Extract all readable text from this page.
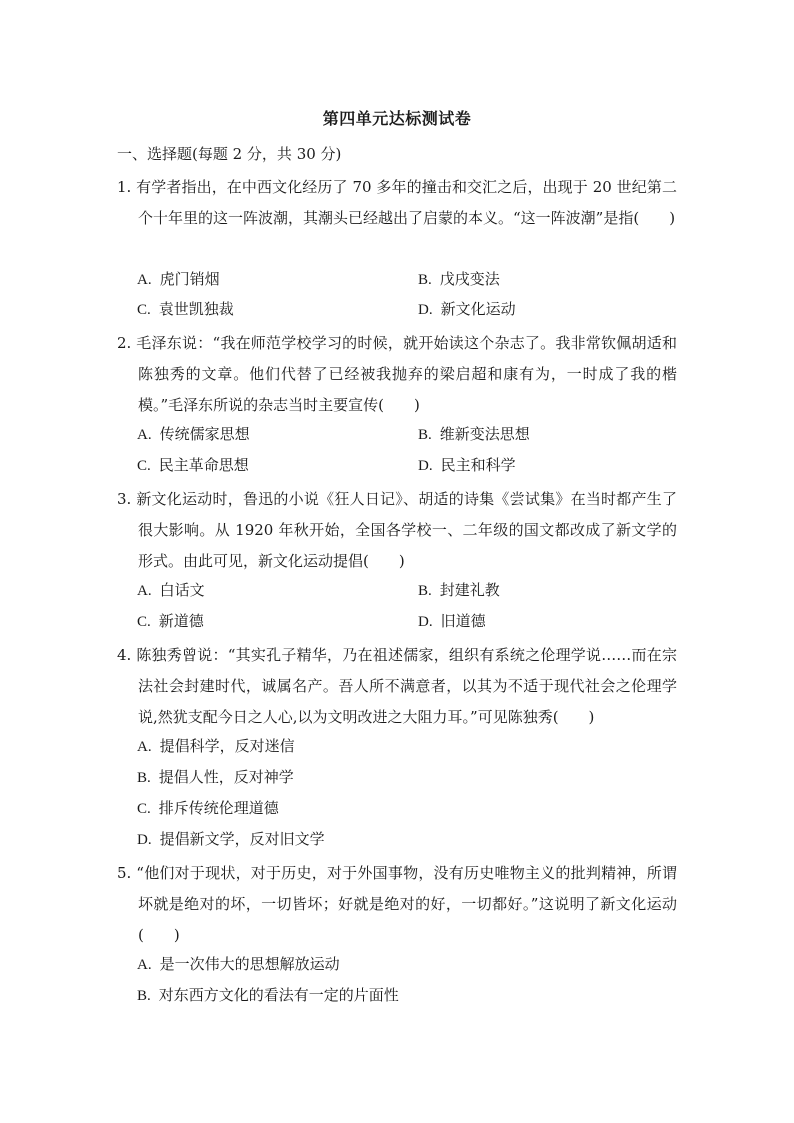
第四单元达标测试卷
一、选择题(每题 2 分，共 30 分)
1. 有学者指出，在中西文化经历了 70 多年的撞击和交汇之后，出现于 20 世纪第二个十年里的这一阵波潮，其潮头已经越出了启蒙的本义。“这一阵波潮”是指(　　)
A. 虎门销烟	B. 戊戌变法
C. 袁世凯独裁	D. 新文化运动
2. 毛泽东说：“我在师范学校学习的时候，就开始读这个杂志了。我非常钦佩胡适和陈独秀的文章。他们代替了已经被我抛弃的梁启超和康有为，一时成了我的楷模。”毛泽东所说的杂志当时主要宣传(　　)
A. 传统儒家思想	B. 维新变法思想
C. 民主革命思想	D. 民主和科学
3. 新文化运动时，鲁迅的小说《狂人日记》、胡适的诗集《尝试集》在当时都产生了很大影响。从 1920 年秋开始，全国各学校一、二年级的国文都改成了新文学的形式。由此可见，新文化运动提倡(　　)
A. 白话文	B. 封建礼教
C. 新道德	D. 旧道德
4. 陈独秀曾说：“其实孔子精华，乃在祖述儒家，组织有系统之伦理学说……而在宗法社会封建时代，诚属名产。吾人所不满意者，以其为不适于现代社会之伦理学说,然犹支配今日之人心,以为文明改进之大阻力耳。”可见陈独秀(　　)
A. 提倡科学，反对迷信
B. 提倡人性，反对神学
C. 排斥传统伦理道德
D. 提倡新文学，反对旧文学
5. “他们对于现状，对于历史，对于外国事物，没有历史唯物主义的批判精神，所谓坏就是绝对的坏，一切皆坏；好就是绝对的好，一切都好。”这说明了新文化运动(　　)
A. 是一次伟大的思想解放运动
B. 对东西方文化的看法有一定的片面性
